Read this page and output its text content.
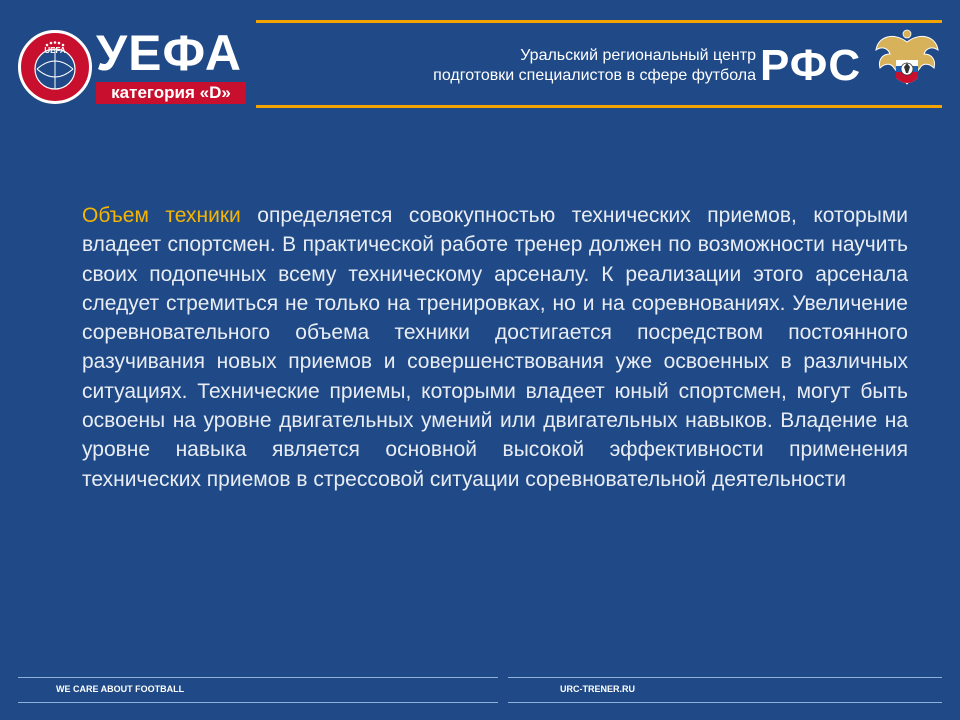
UEFA УЕФА
категория «D»
Уральский региональный центр
подготовки специалистов в сфере футбола РФС
Объем техники определяется совокупностью технических приемов, которыми владеет спортсмен. В практической работе тренер должен по возможности научить своих подопечных всему техническому арсеналу. К реализации этого арсенала следует стремиться не только на тренировках, но и на соревнованиях. Увеличение соревновательного объема техники достигается посредством постоянного разучивания новых приемов и совершенствования уже освоенных в различных ситуациях. Технические приемы, которыми владеет юный спортсмен, могут быть освоены на уровне двигательных умений или двигательных навыков. Владение на уровне навыка является основной высокой эффективности применения технических приемов в стрессовой ситуации соревновательной деятельности
WE CARE ABOUT FOOTBALL	URC-TRENER.RU
